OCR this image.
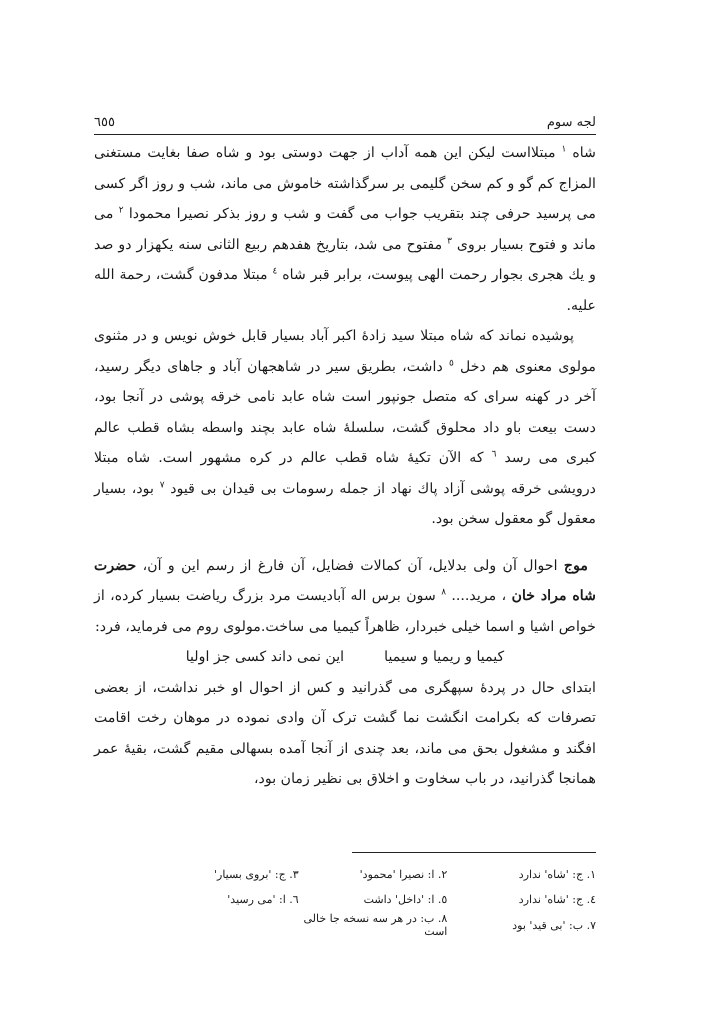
٦٥٥	لجه سوم

شاه $^١$ مبتلااست لیکن این همه آداب از جهت دوستی بود و شاه صفا بغایت مستغنی المزاج کم گو و کم سخن گلیمی بر سرگذاشته خاموش می ماند، شب و روز اگر کسی می پرسید حرفی چند بتقریب جواب می گفت و شب و روز بذکر نصیرا محمودا $^٢$ می ماند و فتوح بسیار بروی $^٣$ مفتوح می شد، بتاریخ هفدهم ربیع الثانی سنه یکهزار دو صد و یك هجری بجوار رحمت الهی پیوست، برابر قبر شاه $^٤$ مبتلا مدفون گشت، رحمة الله علیه.

پوشیده نماند که شاه مبتلا سید زادهٔ اکبر آباد بسیار قابل خوش نویس و در مثنوی مولوی معنوی هم دخل $^٥$ داشت، بطریق سیر در شاهجهان آباد و جاهای دیگر رسید، آخر در کهنه سرای که متصل جونپور است شاه عابد نامی خرقه پوشی در آنجا بود، دست بیعت باو داد محلوق گشت، سلسلهٔ شاه عابد بچند واسطه بشاه قطب عالم کبری می رسد $^٦$ که الآن تکیهٔ شاه قطب عالم در کره مشهور است. شاه مبتلا درویشی خرقه پوشی آزاد پاك نهاد از جمله رسومات بی قیدان بی قیود $^٧$ بود، بسیار معقول گو معقول سخن بود.

موج احوال آن ولی بدلایل، آن کمالات فضایل، آن فارغ از رسم این و آن، حضرت شاه مراد خان ، مرید.... $^٨$ سون برس اله آبادیست مرد بزرگ ریاضت بسیار کرده، از خواص اشیا و اسما خیلی خبردار، ظاهراً کیمیا می ساخت.مولوی روم می فرماید، فرد:

کیمیا و ریمیا و سیمیا
این نمی داند کسی جز اولیا

ابتدای حال در پردهٔ سپهگری می گذرانید و کس از احوال او خبر نداشت، از بعضی تصرفات که بکرامت انگشت نما گشت ترک آن وادی نموده در موهان رخت اقامت افگند و مشغول بحق می ماند، بعد چندی از آنجا آمده بسهالی مقیم گشت، بقیهٔ عمر همانجا گذرانید، در باب سخاوت و اخلاق بی نظیر زمان بود،

١. ج: 'شاه' ندارد
٢. ا: نصیرا 'محمود'
٣. ج: 'بروی بسیار'
٤. ج: 'شاه' ندارد
٥. ا: 'داخل' داشت
٦. ا: 'می رسید'
٧. ب: 'بی قید' بود
٨. ب: در هر سه نسخه جا خالی است
